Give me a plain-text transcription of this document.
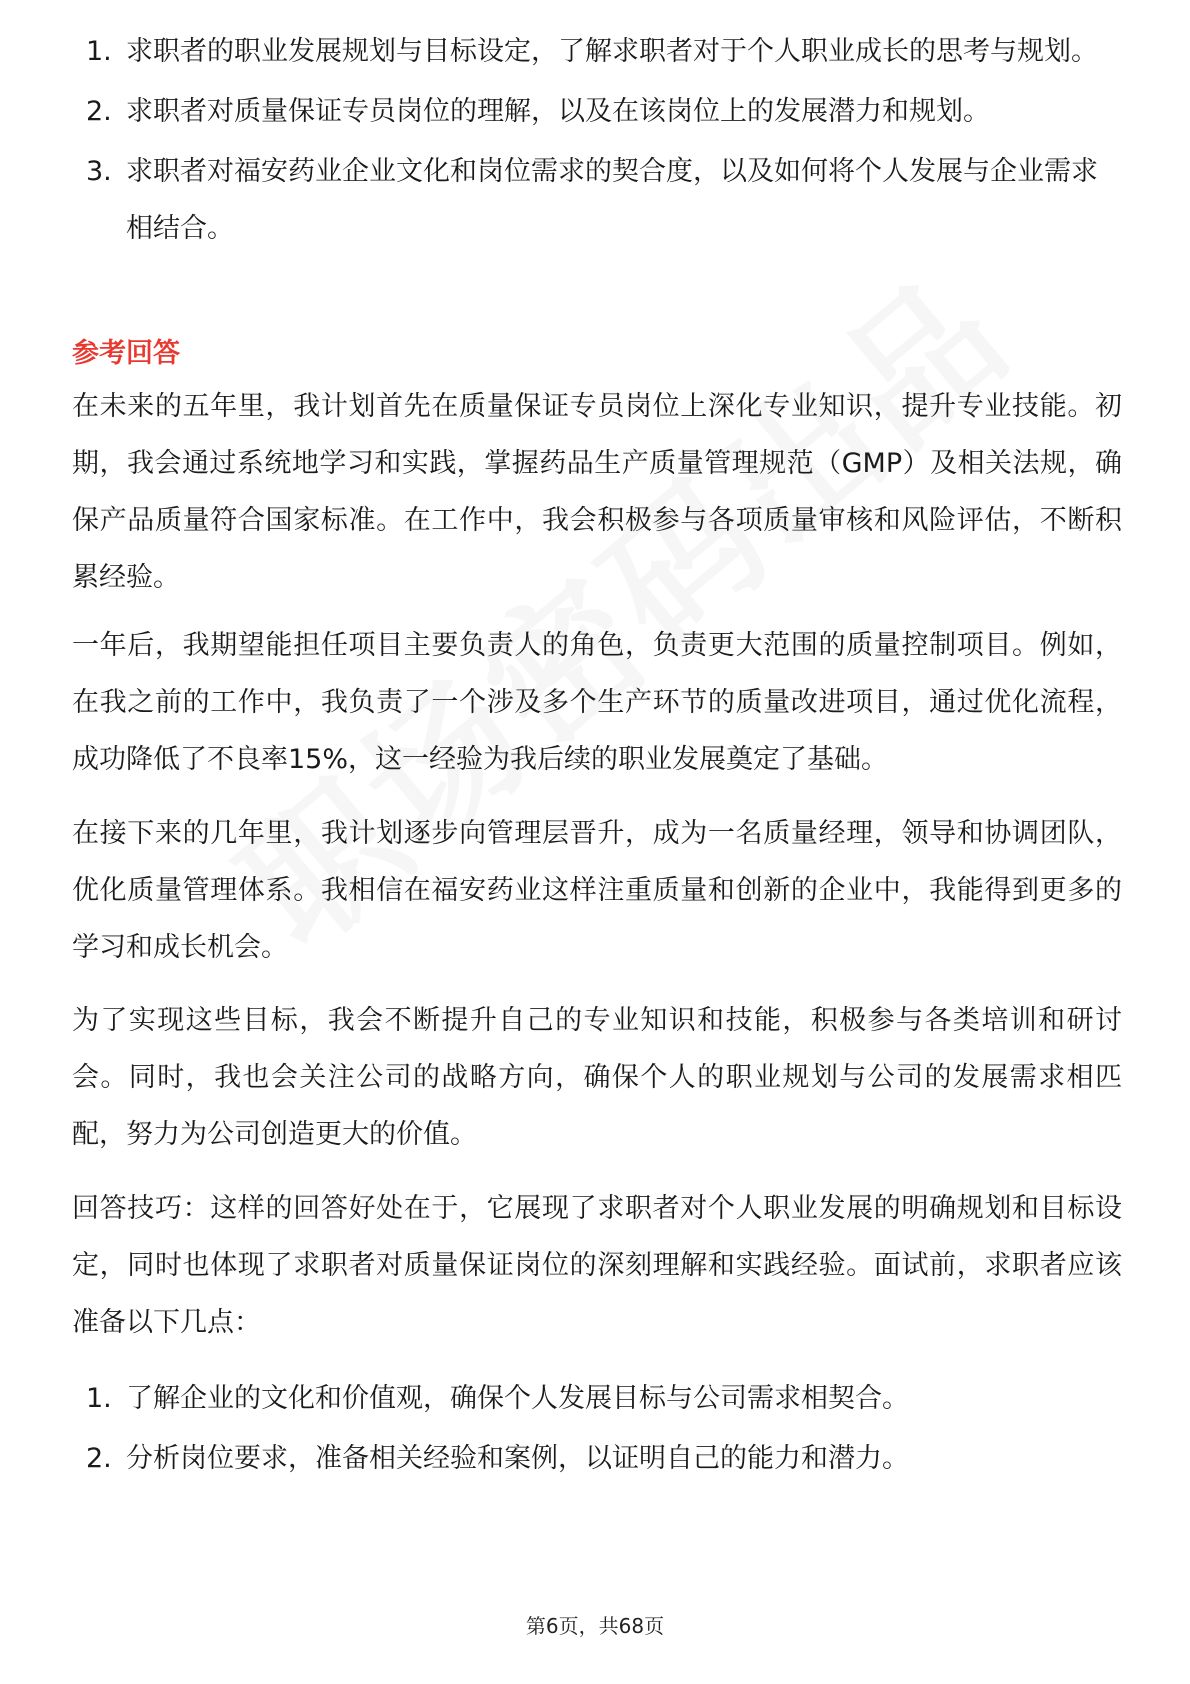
1. 求职者的职业发展规划与目标设定，了解求职者对于个人职业成长的思考与规划。
2. 求职者对质量保证专员岗位的理解，以及在该岗位上的发展潜力和规划。
3. 求职者对福安药业企业文化和岗位需求的契合度，以及如何将个人发展与企业需求相结合。
参考回答

在未来的五年里，我计划首先在质量保证专员岗位上深化专业知识，提升专业技能。初期，我会通过系统地学习和实践，掌握药品生产质量管理规范（GMP）及相关法规，确保产品质量符合国家标准。在工作中，我会积极参与各项质量审核和风险评估，不断积累经验。

一年后，我期望能担任项目主要负责人的角色，负责更大范围的质量控制项目。例如，在我之前的工作中，我负责了一个涉及多个生产环节的质量改进项目，通过优化流程，成功降低了不良率15%，这一经验为我后续的职业发展奠定了基础。

在接下来的几年里，我计划逐步向管理层晋升，成为一名质量经理，领导和协调团队，优化质量管理体系。我相信在福安药业这样注重质量和创新的企业中，我能得到更多的学习和成长机会。

为了实现这些目标，我会不断提升自己的专业知识和技能，积极参与各类培训和研讨会。同时，我也会关注公司的战略方向，确保个人的职业规划与公司的发展需求相匹配，努力为公司创造更大的价值。

回答技巧：这样的回答好处在于，它展现了求职者对个人职业发展的明确规划和目标设定，同时也体现了求职者对质量保证岗位的深刻理解和实践经验。面试前，求职者应该准备以下几点：

1. 了解企业的文化和价值观，确保个人发展目标与公司需求相契合。
2. 分析岗位要求，准备相关经验和案例，以证明自己的能力和潜力。
第6页，共68页
